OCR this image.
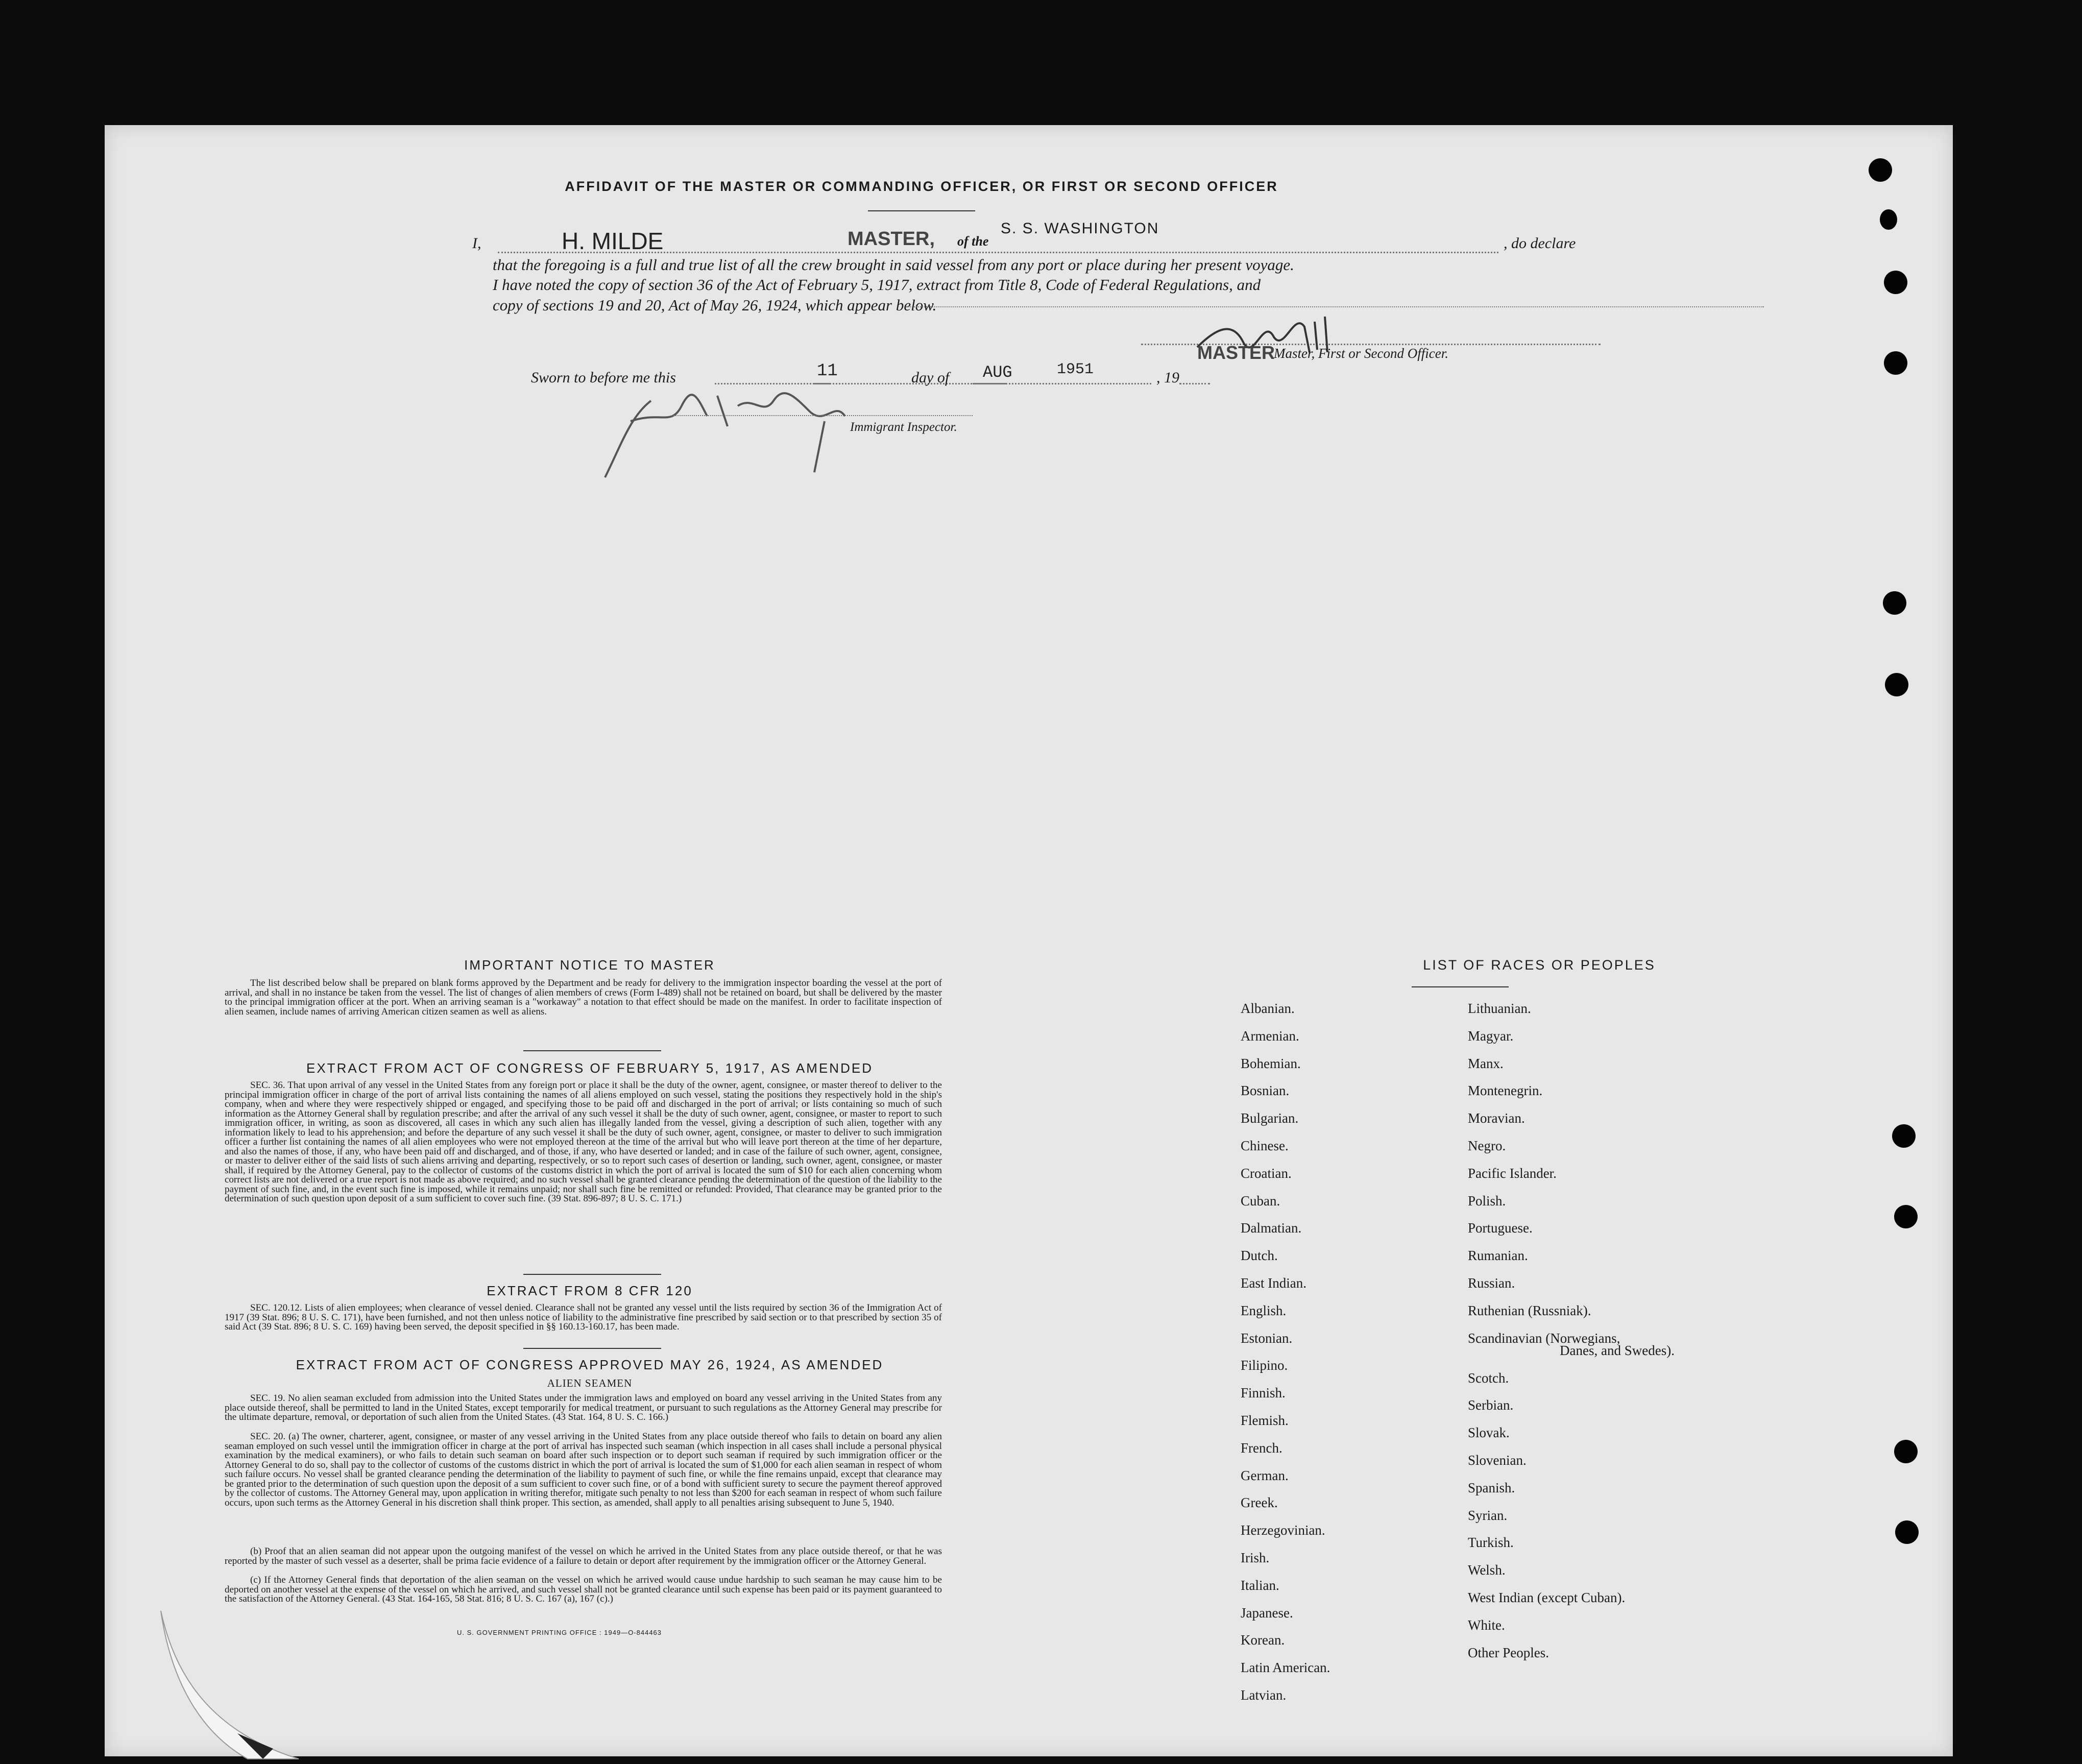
AFFIDAVIT OF THE MASTER OR COMMANDING OFFICER, OR FIRST OR SECOND OFFICER
I,	H. MILDE	MASTER, of the
S. S. WASHINGTON
, do declare
that the foregoing is a full and true list of all the crew brought in said vessel from any port or place during her present voyage.
I have noted the copy of section 36 of the Act of February 5, 1917, extract from Title 8, Code of Federal Regulations, and
copy of sections 19 and 20, Act of May 26, 1924, which appear below.
MASTER
Master, First or Second Officer.
Sworn to before me this	11	day of AUG	1951	, 19
Immigrant Inspector.
IMPORTANT NOTICE TO MASTER
The list described below shall be prepared on blank forms approved by the Department and be ready for delivery to the immigration inspector boarding the vessel at the port of arrival, and shall in no instance be taken from the vessel. The list of changes of alien members of crews (Form I-489) shall not be retained on board, but shall be delivered by the master to the principal immigration officer at the port. When an arriving seaman is a "workaway" a notation to that effect should be made on the manifest. In order to facilitate inspection of alien seamen, include names of arriving American citizen seamen as well as aliens.
EXTRACT FROM ACT OF CONGRESS OF FEBRUARY 5, 1917, AS AMENDED
SEC. 36. That upon arrival of any vessel in the United States from any foreign port or place it shall be the duty of the owner, agent, consignee, or master thereof to deliver to the principal immigration officer in charge of the port of arrival lists containing the names of all aliens employed on such vessel, stating the positions they respectively hold in the ship's company, when and where they were respectively shipped or engaged, and specifying those to be paid off and discharged in the port of arrival; or lists containing so much of such information as the Attorney General shall by regulation prescribe; and after the arrival of any such vessel it shall be the duty of such owner, agent, consignee, or master to report to such immigration officer, in writing, as soon as discovered, all cases in which any such alien has illegally landed from the vessel, giving a description of such alien, together with any information likely to lead to his apprehension; and before the departure of any such vessel it shall be the duty of such owner, agent, consignee, or master to deliver to such immigration officer a further list containing the names of all alien employees who were not employed thereon at the time of the arrival but who will leave port thereon at the time of her departure, and also the names of those, if any, who have been paid off and discharged, and of those, if any, who have deserted or landed; and in case of the failure of such owner, agent, consignee, or master to deliver either of the said lists of such aliens arriving and departing, respectively, or so to report such cases of desertion or landing, such owner, agent, consignee, or master shall, if required by the Attorney General, pay to the collector of customs of the customs district in which the port of arrival is located the sum of $10 for each alien concerning whom correct lists are not delivered or a true report is not made as above required; and no such vessel shall be granted clearance pending the determination of the question of the liability to the payment of such fine, and, in the event such fine is imposed, while it remains unpaid; nor shall such fine be remitted or refunded: Provided, That clearance may be granted prior to the determination of such question upon deposit of a sum sufficient to cover such fine. (39 Stat. 896-897; 8 U. S. C. 171.)
EXTRACT FROM 8 CFR 120
SEC. 120.12. Lists of alien employees; when clearance of vessel denied. Clearance shall not be granted any vessel until the lists required by section 36 of the Immigration Act of 1917 (39 Stat. 896; 8 U. S. C. 171), have been furnished, and not then unless notice of liability to the administrative fine prescribed by said section or to that prescribed by section 35 of said Act (39 Stat. 896; 8 U. S. C. 169) having been served, the deposit specified in §§ 160.13-160.17, has been made.
EXTRACT FROM ACT OF CONGRESS APPROVED MAY 26, 1924, AS AMENDED
ALIEN SEAMEN
SEC. 19. No alien seaman excluded from admission into the United States under the immigration laws and employed on board any vessel arriving in the United States from any place outside thereof, shall be permitted to land in the United States, except temporarily for medical treatment, or pursuant to such regulations as the Attorney General may prescribe for the ultimate departure, removal, or deportation of such alien from the United States. (43 Stat. 164, 8 U. S. C. 166.)
SEC. 20. (a) The owner, charterer, agent, consignee, or master of any vessel arriving in the United States from any place outside thereof who fails to detain on board any alien seaman employed on such vessel until the immigration officer in charge at the port of arrival has inspected such seaman (which inspection in all cases shall include a personal physical examination by the medical examiners), or who fails to detain such seaman on board after such inspection or to deport such seaman if required by such immigration officer or the Attorney General to do so, shall pay to the collector of customs of the customs district in which the port of arrival is located the sum of $1,000 for each alien seaman in respect of whom such failure occurs. No vessel shall be granted clearance pending the determination of the liability to payment of such fine, or while the fine remains unpaid, except that clearance may be granted prior to the determination of such question upon the deposit of a sum sufficient to cover such fine, or of a bond with sufficient surety to secure the payment thereof approved by the collector of customs. The Attorney General may, upon application in writing therefor, mitigate such penalty to not less than $200 for each seaman in respect of whom such failure occurs, upon such terms as the Attorney General in his discretion shall think proper. This section, as amended, shall apply to all penalties arising subsequent to June 5, 1940.
(b) Proof that an alien seaman did not appear upon the outgoing manifest of the vessel on which he arrived in the United States from any place outside thereof, or that he was reported by the master of such vessel as a deserter, shall be prima facie evidence of a failure to detain or deport after requirement by the immigration officer or the Attorney General.
(c) If the Attorney General finds that deportation of the alien seaman on the vessel on which he arrived would cause undue hardship to such seaman he may cause him to be deported on another vessel at the expense of the vessel on which he arrived, and such vessel shall not be granted clearance until such expense has been paid or its payment guaranteed to the satisfaction of the Attorney General. (43 Stat. 164-165, 58 Stat. 816; 8 U. S. C. 167 (a), 167 (c).)
U. S. GOVERNMENT PRINTING OFFICE : 1949—O-844463
LIST OF RACES OR PEOPLES
Albanian.
Armenian.
Bohemian.
Bosnian.
Bulgarian.
Chinese.
Croatian.
Cuban.
Dalmatian.
Dutch.
East Indian.
English.
Estonian.
Filipino.
Finnish.
Flemish.
French.
German.
Greek.
Herzegovinian.
Irish.
Italian.
Japanese.
Korean.
Latin American.
Latvian.
Lithuanian.
Magyar.
Manx.
Montenegrin.
Moravian.
Negro.
Pacific Islander.
Polish.
Portuguese.
Rumanian.
Russian.
Ruthenian (Russniak).
Scandinavian (Norwegians,
Danes, and Swedes).
Scotch.
Serbian.
Slovak.
Slovenian.
Spanish.
Syrian.
Turkish.
Welsh.
West Indian (except Cuban).
White.
Other Peoples.
